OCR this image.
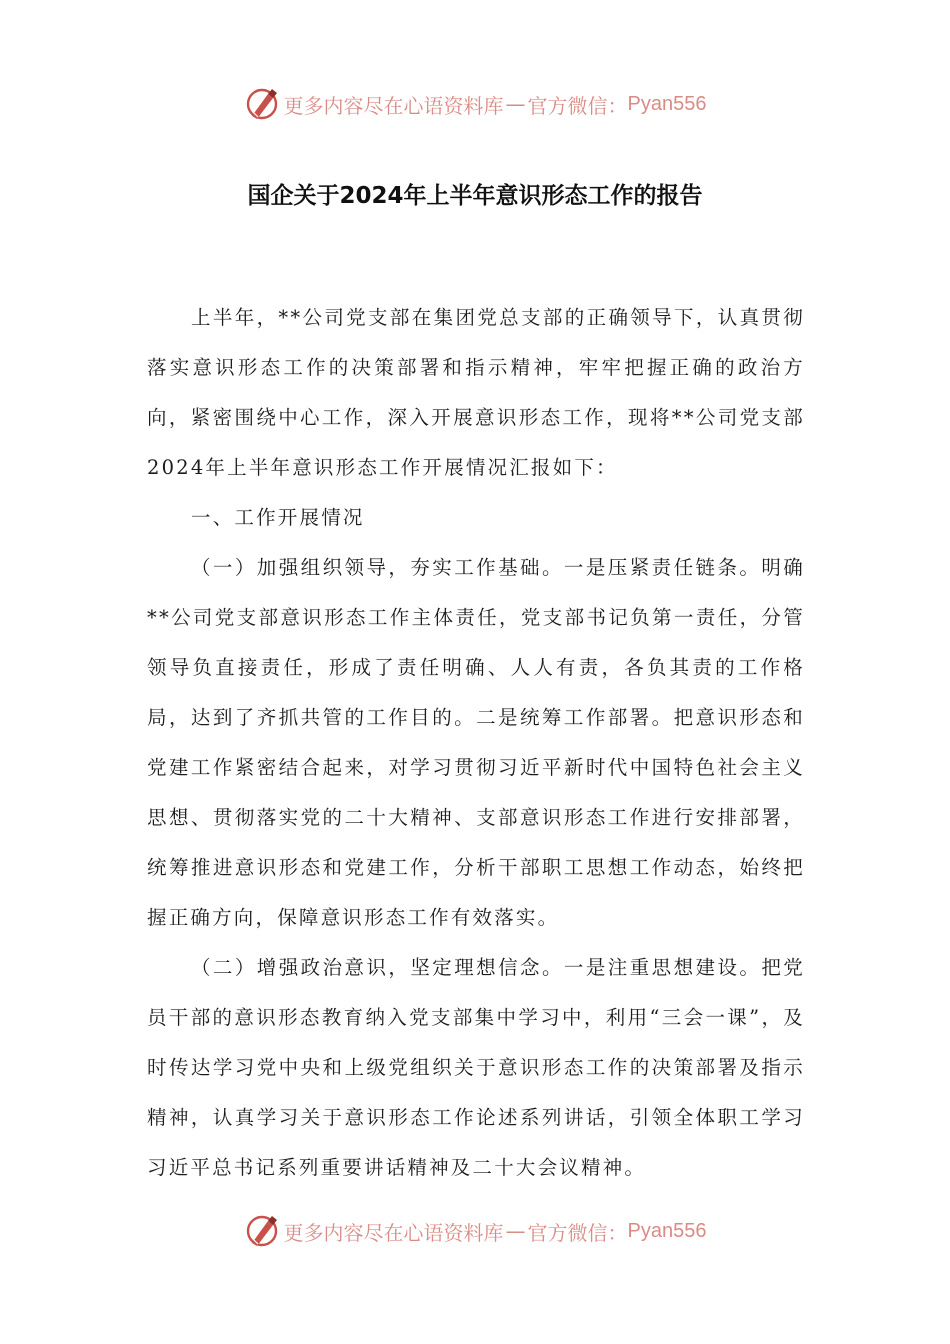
更多内容尽在心语资料库 — 官方微信： Pyan556
国企关于2024年上半年意识形态工作的报告

上半年，**公司党支部在集团党总支部的正确领导下，认真贯彻落实意识形态工作的决策部署和指示精神，牢牢把握正确的政治方向，紧密围绕中心工作，深入开展意识形态工作，现将**公司党支部2024年上半年意识形态工作开展情况汇报如下：

一、工作开展情况

（一）加强组织领导，夯实工作基础。一是压紧责任链条。明确**公司党支部意识形态工作主体责任，党支部书记负第一责任，分管领导负直接责任，形成了责任明确、人人有责，各负其责的工作格局，达到了齐抓共管的工作目的。二是统筹工作部署。把意识形态和党建工作紧密结合起来，对学习贯彻习近平新时代中国特色社会主义思想、贯彻落实党的二十大精神、支部意识形态工作进行安排部署，统筹推进意识形态和党建工作，分析干部职工思想工作动态，始终把握正确方向，保障意识形态工作有效落实。

（二）增强政治意识，坚定理想信念。一是注重思想建设。把党员干部的意识形态教育纳入党支部集中学习中，利用“三会一课”，及时传达学习党中央和上级党组织关于意识形态工作的决策部署及指示精神，认真学习关于意识形态工作论述系列讲话，引领全体职工学习习近平总书记系列重要讲话精神及二十大会议精神。

更多内容尽在心语资料库 — 官方微信： Pyan556
